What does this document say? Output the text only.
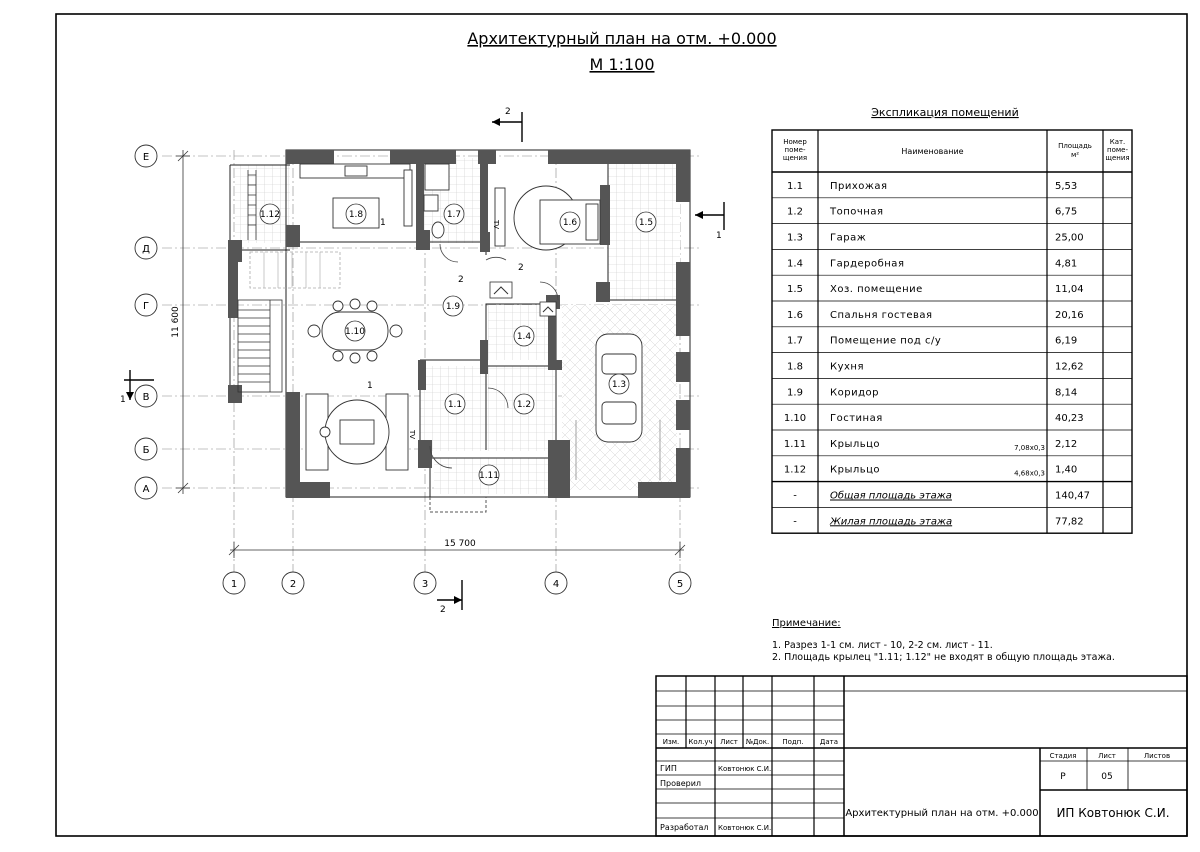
Архитектурный план на отм. +0.000
М 1:100
TV
TV
1.1	1.2
1.3
1.4
1.5
1.6
1.7
1.8
1.9
1.10
1.11
1.12
Е
Д
Г
В
Б
А
1	2	3	4	5
15 700
11 600
2
2
1
1
2
2
1
1
Экспликация помещений
Номер
поме-
щения
Наименование
Площадь
м²
Кат.
поме-
щения
1.1	Прихожая	5,53
1.2	Топочная	6,75
1.3	Гараж	25,00
1.4	Гардеробная	4,81
1.5	Хоз. помещение	11,04
1.6	Спальня гостевая	20,16
1.7	Помещение под с/у	6,19
1.8	Кухня	12,62
1.9	Коридор	8,14
1.10 Гостиная	40,23
1.11 Крыльцо	7,08x0,3 2,12
1.12 Крыльцо	4,68x0,3 1,40
-	Общая площадь этажа	140,47
-	Жилая площадь этажа	77,82
Примечание:
1. Разрез 1-1 см. лист - 10, 2-2 см. лист - 11.
2. Площадь крылец "1.11; 1.12" не входят в общую площадь этажа.
Изм. Кол.уч Лист №Док. Подп. Дата
ГИП	Ковтонюк С.И.
Проверил
Разработал Ковтонюк С.И.
Стадия	Лист	Листов
Р	05
Архитектурный план на отм. +0.000 ИП Ковтонюк С.И.
